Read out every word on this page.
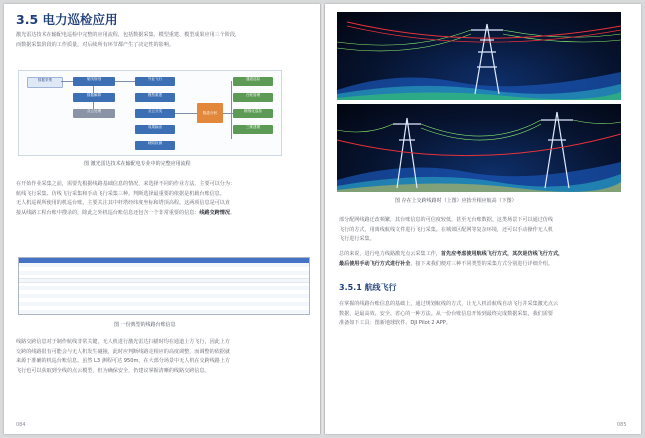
3.5 电力巡检应用
激光雷达技术在输配电巡检中完整的应用流程，包括数据采集、模型重建、模型成果应用三个阶段，
而数据采集阶段的工作质量，对后续所有环节都产生了决定性的影响。
数据采集	航线规划	外业飞行
数据解算
点云处理
模型重建
点云分类
成果输出
缺陷检测
隐患分析
通道巡检
台账管理
精细化巡检
三维建模
图 激光雷达技术在输配电专业中的完整应用流程
在开始作业采集之前，需要先根据线路基础信息的情况，来选择不同的作业方法，主要可以分为：
航线飞行采集、仿线飞行采集和手动飞行采集三种。判断选择最重要的依据是机载台账信息。
无人机巡视所使用的机巡台账，主要关注其中杆塔经纬度坐标和塔顶高程。这两项信息是可以直
接从线路工程台账中搜录的，除此之外机巡台账信息还包含一个非常重要的信息：线路交跨情况。
图 一份典型的线路台账信息
线路交跨信息对于制作航线非常关键，无人机进行激光雷达扫描时均在通道上方飞行，因此上方
交跨的线路很有可能会与无人机发生碰撞，此时应判断线路走相应的高度调整，而调整的依据就
来源于准确的机巡台账信息。虽然 L3 测程可达 950m，在大部分场景中无人机在交跨线路上方
飞行也可以获取到全线的点云模型，但为确保安全，仍建议掌握清晰的线路交跨信息。
084
图 存在上交跨线路时（上图）应抬升相应航高（下图）
部分配网线路迁改频繁，其台账信息的可信度较低，甚至无台账数据。这类场景下可以通过仿线
飞行的方式，用离线航线文件进行飞行采集。在城郊区配网等复杂环境，还可以手动操作无人机
飞行进行采集。
总的来说，进行电力线路激光点云采集工作，首先应考虑使用航线飞行方式，其次是仿线飞行方式，
最后使用手动飞行方式进行补全，接下来我们便对三种不同类型的采集方式分别进行详细介绍。
3.5.1 航线飞行
在掌握的线路台账信息的基础上，通过规划航线的方式，让无人机沿航线自动飞行并采集激光点云
数据，是最高效、安全、省心的一种方法。从一份台账信息开始到最终完成数据采集，我们需要
准备如下工具：图新地球软件、DJI Pilot 2 APP。
085
